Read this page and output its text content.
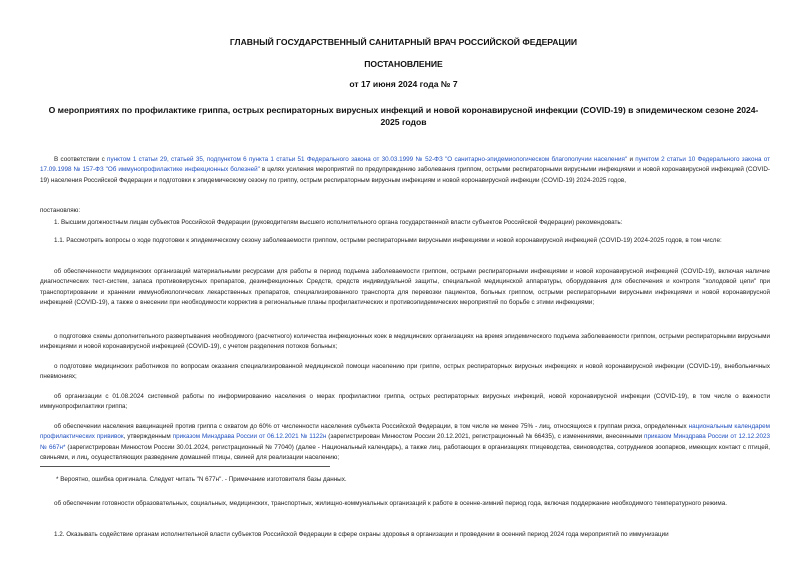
ГЛАВНЫЙ ГОСУДАРСТВЕННЫЙ САНИТАРНЫЙ ВРАЧ РОССИЙСКОЙ ФЕДЕРАЦИИ
ПОСТАНОВЛЕНИЕ
от 17 июня 2024 года № 7
О мероприятиях по профилактике гриппа, острых респираторных вирусных инфекций и новой коронавирусной инфекции (COVID-19) в эпидемическом сезоне 2024-2025 годов
В соответствии с пунктом 1 статьи 29, статьей 35, подпунктом 6 пункта 1 статьи 51 Федерального закона от 30.03.1999 № 52-ФЗ "О санитарно-эпидемиологическом благополучии населения" и пунктом 2 статьи 10 Федерального закона от 17.09.1998 № 157-ФЗ "Об иммунопрофилактике инфекционных болезней" в целях усиления мероприятий по предупреждению заболевания гриппом, острыми респираторными вирусными инфекциями и новой коронавирусной инфекцией (COVID-19) населения Российской Федерации и подготовки к эпидемическому сезону по гриппу, острым респираторным вирусным инфекциям и новой коронавирусной инфекции (COVID-19) 2024-2025 годов,
постановляю:
1. Высшим должностным лицам субъектов Российской Федерации (руководителям высшего исполнительного органа государственной власти субъектов Российской Федерации) рекомендовать:
1.1. Рассмотреть вопросы о ходе подготовки к эпидемическому сезону заболеваемости гриппом, острыми респираторными вирусными инфекциями и новой коронавирусной инфекцией (COVID-19) 2024-2025 годов, в том числе:
об обеспеченности медицинских организаций материальными ресурсами для работы в период подъема заболеваемости гриппом, острыми респираторными инфекциями и новой коронавирусной инфекцией (COVID-19), включая наличие диагностических тест-систем, запаса противовирусных препаратов, дезинфекционных Средств, средств индивидуальной защиты, специальной медицинской аппаратуры, оборудования для обеспечения и контроля "холодовой цепи" при транспортировании и хранении иммунобиологических лекарственных препаратов, специализированного транспорта для перевозки пациентов, больных гриппом, острыми респираторными вирусными инфекциями и новой коронавирусной инфекцией (COVID-19), а также о внесении при необходимости корректив в региональные планы профилактических и противоэпидемических мероприятий по борьбе с этими инфекциями;
о подготовке схемы дополнительного развертывания необходимого (расчетного) количества инфекционных коек в медицинских организациях на время эпидемического подъема заболеваемости гриппом, острыми респираторными вирусными инфекциями и новой коронавирусной инфекцией (COVID-19), с учетом разделения потоков больных;
о подготовке медицинских работников по вопросам оказания специализированной медицинской помощи населению при гриппе, острых респираторных вирусных инфекциях и новой коронавирусной инфекции (COVID-19), внебольничных пневмониях;
об организации с 01.08.2024 системной работы по информированию населения о мерах профилактики гриппа, острых респираторных вирусных инфекций, новой коронавирусной инфекции (COVID-19), в том числе о важности иммунопрофилактики гриппа;
об обеспечении населения вакцинацией против гриппа с охватом до 60% от численности населения субъекта Российской Федерации, в том числе не менее 75% - лиц, относящихся к группам риска, определенных национальным календарем профилактических прививок, утвержденным приказом Минздрава России от 06.12.2021 № 1122н (зарегистрирован Минюстом России 20.12.2021, регистрационный № 66435), с изменениями, внесенными приказом Минздрава России от 12.12.2023 № 667н* (зарегистрирован Минюстом России 30.01.2024, регистрационный № 77040) (далее - Национальный календарь), а также лиц, работающих в организациях птицеводства, свиноводства, сотрудников зоопарков, имеющих контакт с птицей, свиньями, и лиц, осуществляющих разведение домашней птицы, свиней для реализации населению;
* Вероятно, ошибка оригинала. Следует читать "N 677н". - Примечание изготовителя базы данных.
об обеспечении готовности образовательных, социальных, медицинских, транспортных, жилищно-коммунальных организаций к работе в осенне-зимний период года, включая поддержание необходимого температурного режима.
1.2. Оказывать содействие органам исполнительной власти субъектов Российской Федерации в сфере охраны здоровья в организации и проведении в осенний период 2024 года мероприятий по иммунизации
